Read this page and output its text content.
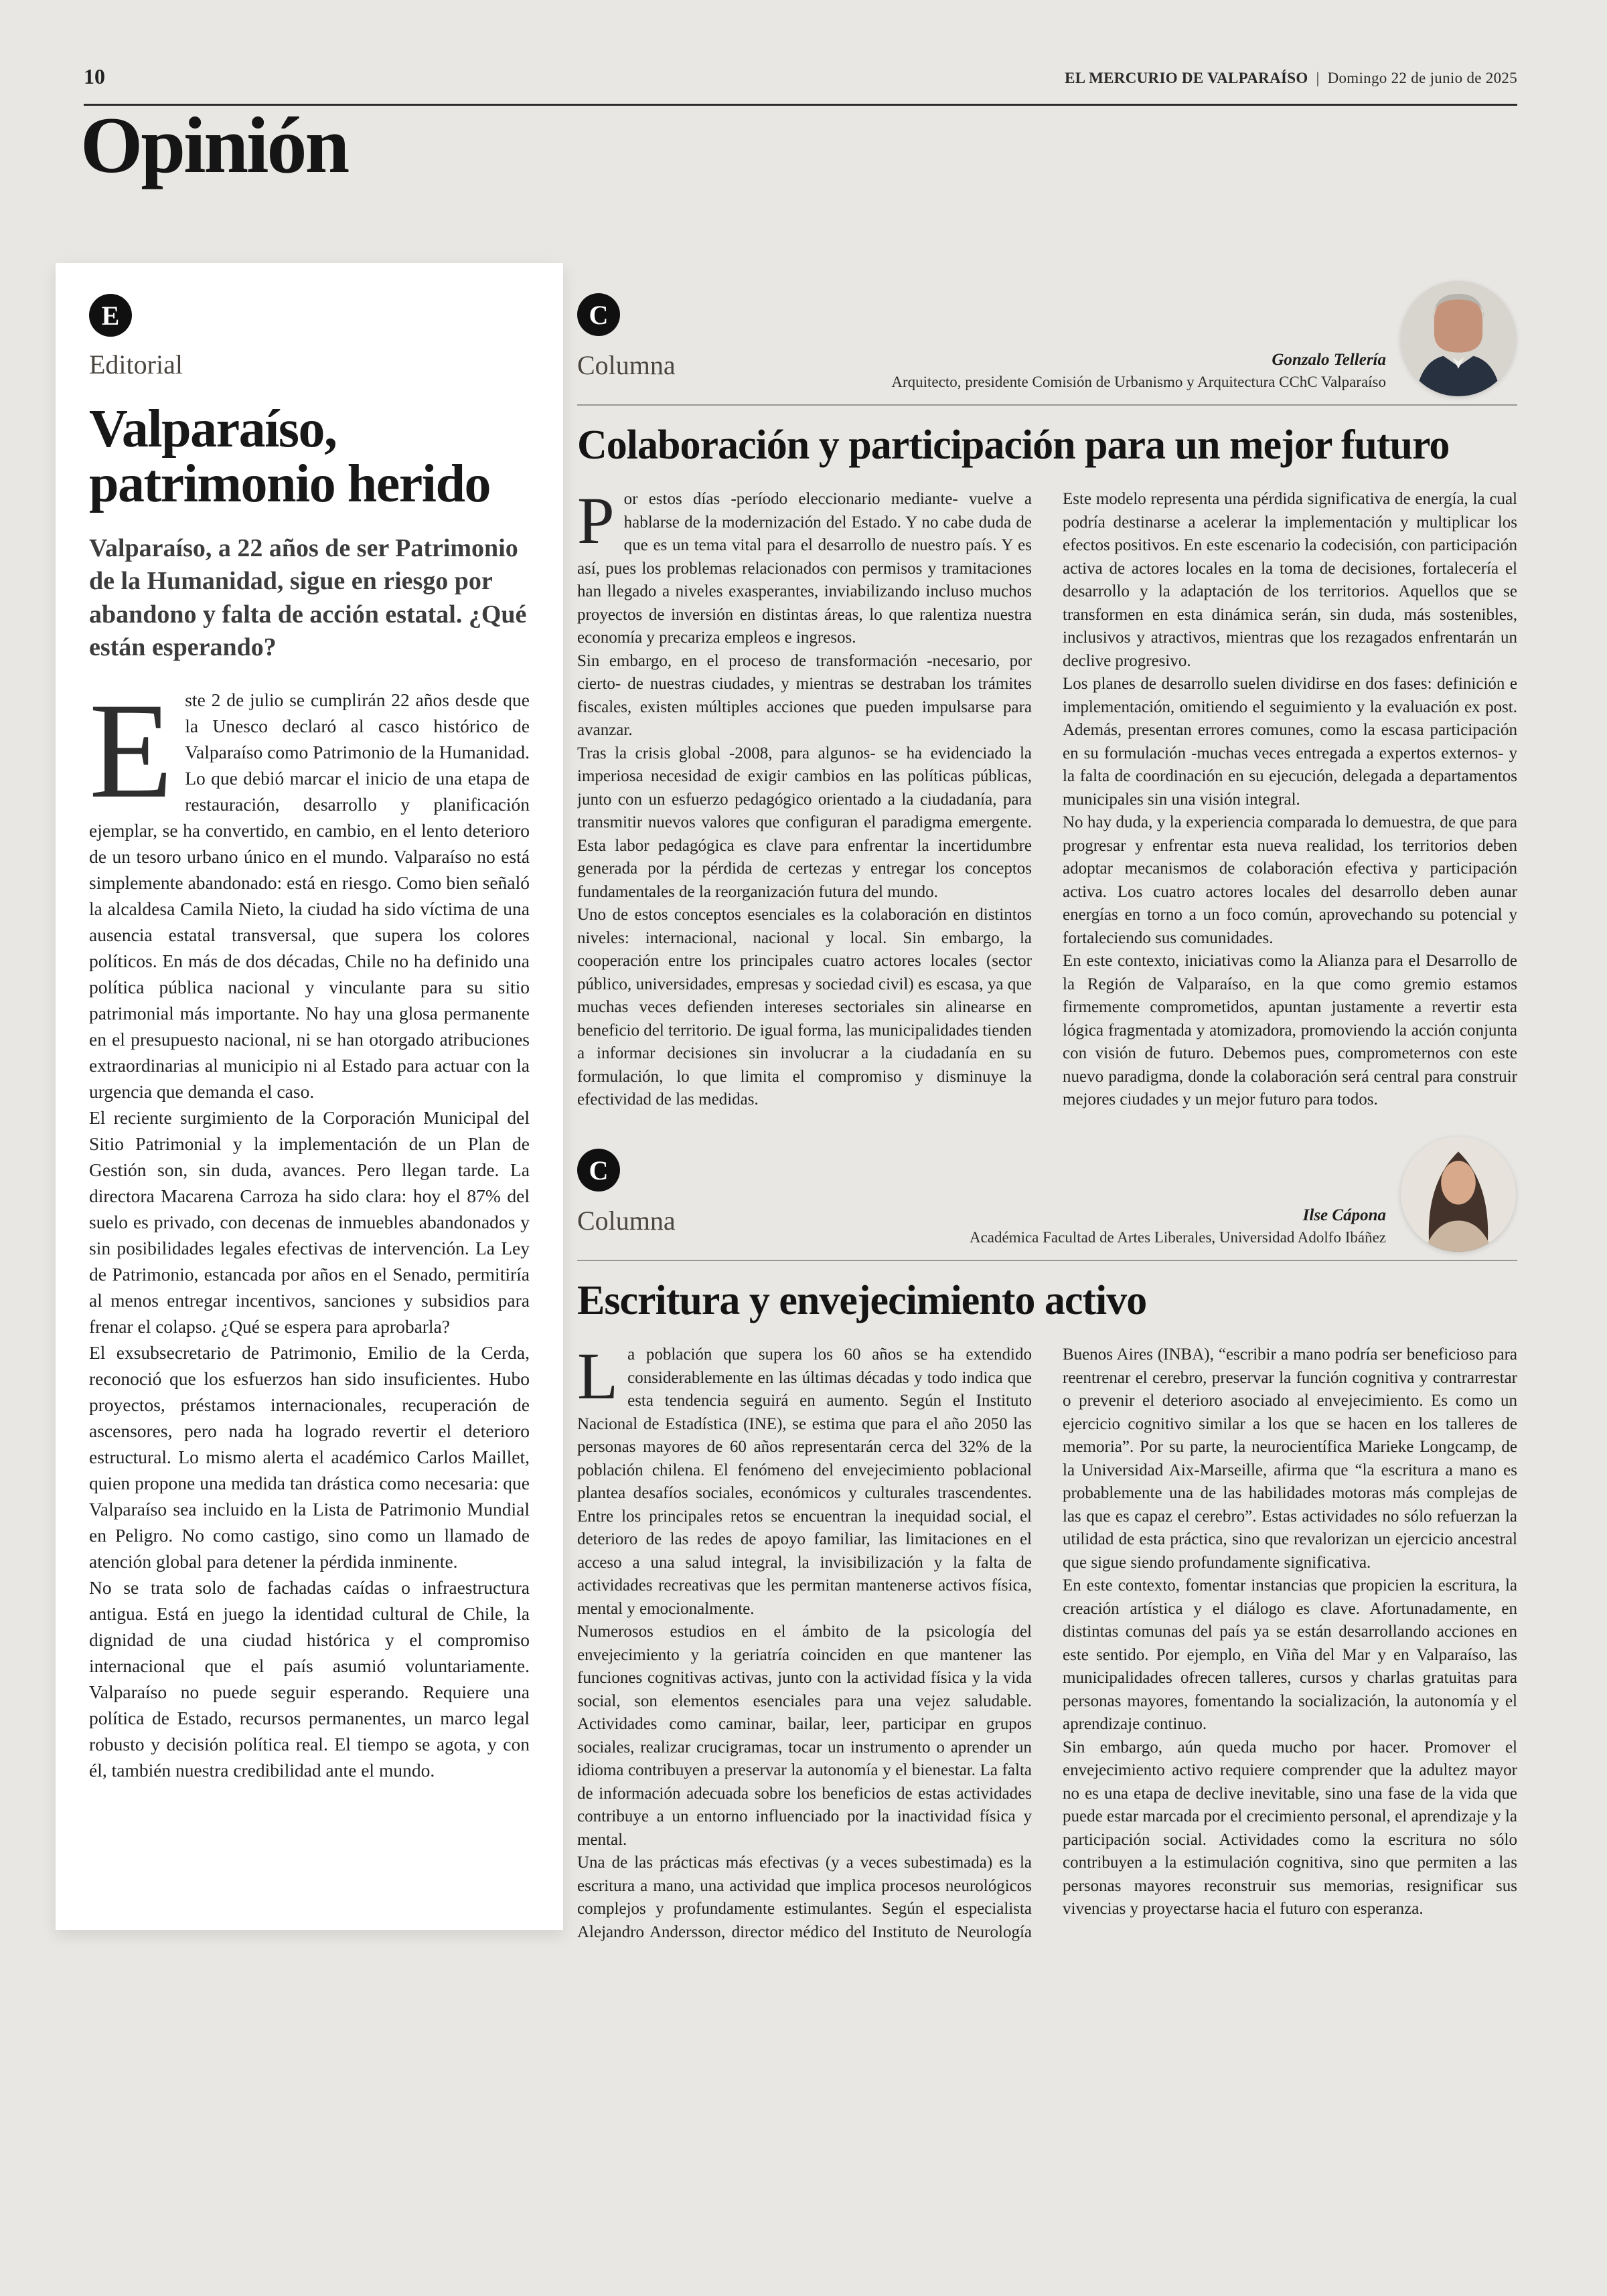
10	EL MERCURIO DE VALPARAÍSO | Domingo 22 de junio de 2025
Opinión
E
Editorial
Valparaíso, patrimonio herido

Valparaíso, a 22 años de ser Patrimonio de la Humanidad, sigue en riesgo por abandono y falta de acción estatal. ¿Qué están esperando?

Este 2 de julio se cumplirán 22 años desde que la Unesco declaró al casco histórico de Valparaíso como Patrimonio de la Humanidad. Lo que debió marcar el inicio de una etapa de restauración, desarrollo y planificación ejemplar, se ha convertido, en cambio, en el lento deterioro de un tesoro urbano único en el mundo. Valparaíso no está simplemente abandonado: está en riesgo. Como bien señaló la alcaldesa Camila Nieto, la ciudad ha sido víctima de una ausencia estatal transversal, que supera los colores políticos. En más de dos décadas, Chile no ha definido una política pública nacional y vinculante para su sitio patrimonial más importante. No hay una glosa permanente en el presupuesto nacional, ni se han otorgado atribuciones extraordinarias al municipio ni al Estado para actuar con la urgencia que demanda el caso.

El reciente surgimiento de la Corporación Municipal del Sitio Patrimonial y la implementación de un Plan de Gestión son, sin duda, avances. Pero llegan tarde. La directora Macarena Carroza ha sido clara: hoy el 87% del suelo es privado, con decenas de inmuebles abandonados y sin posibilidades legales efectivas de intervención. La Ley de Patrimonio, estancada por años en el Senado, permitiría al menos entregar incentivos, sanciones y subsidios para frenar el colapso. ¿Qué se espera para aprobarla?

El exsubsecretario de Patrimonio, Emilio de la Cerda, reconoció que los esfuerzos han sido insuficientes. Hubo proyectos, préstamos internacionales, recuperación de ascensores, pero nada ha logrado revertir el deterioro estructural. Lo mismo alerta el académico Carlos Maillet, quien propone una medida tan drástica como necesaria: que Valparaíso sea incluido en la Lista de Patrimonio Mundial en Peligro. No como castigo, sino como un llamado de atención global para detener la pérdida inminente.

No se trata solo de fachadas caídas o infraestructura antigua. Está en juego la identidad cultural de Chile, la dignidad de una ciudad histórica y el compromiso internacional que el país asumió voluntariamente. Valparaíso no puede seguir esperando. Requiere una política de Estado, recursos permanentes, un marco legal robusto y decisión política real. El tiempo se agota, y con él, también nuestra credibilidad ante el mundo.

C
Columna	Gonzalo Tellería
Arquitecto, presidente Comisión de Urbanismo y Arquitectura CChC Valparaíso
Colaboración y participación para un mejor futuro

Por estos días -período eleccionario mediante- vuelve a hablarse de la modernización del Estado. Y no cabe duda de que es un tema vital para el desarrollo de nuestro país. Y es así, pues los problemas relacionados con permisos y tramitaciones han llegado a niveles exasperantes, inviabilizando incluso muchos proyectos de inversión en distintas áreas, lo que ralentiza nuestra economía y precariza empleos e ingresos.

Sin embargo, en el proceso de transformación -necesario, por cierto- de nuestras ciudades, y mientras se destraban los trámites fiscales, existen múltiples acciones que pueden impulsarse para avanzar.

Tras la crisis global -2008, para algunos- se ha evidenciado la imperiosa necesidad de exigir cambios en las políticas públicas, junto con un esfuerzo pedagógico orientado a la ciudadanía, para transmitir nuevos valores que configuran el paradigma emergente. Esta labor pedagógica es clave para enfrentar la incertidumbre generada por la pérdida de certezas y entregar los conceptos fundamentales de la reorganización futura del mundo.

Uno de estos conceptos esenciales es la colaboración en distintos niveles: internacional, nacional y local. Sin embargo, la cooperación entre los principales cuatro actores locales (sector público, universidades, empresas y sociedad civil) es escasa, ya que muchas veces defienden intereses sectoriales sin alinearse en beneficio del territorio. De igual forma, las municipalidades tienden a informar decisiones sin involucrar a la ciudadanía en su formulación, lo que limita el compromiso y disminuye la efectividad de las medidas.

Este modelo representa una pérdida significativa de energía, la cual podría destinarse a acelerar la implementación y multiplicar los efectos positivos. En este escenario la codecisión, con participación activa de actores locales en la toma de decisiones, fortalecería el desarrollo y la adaptación de los territorios. Aquellos que se transformen en esta dinámica serán, sin duda, más sostenibles, inclusivos y atractivos, mientras que los rezagados enfrentarán un declive progresivo.

Los planes de desarrollo suelen dividirse en dos fases: definición e implementación, omitiendo el seguimiento y la evaluación ex post. Además, presentan errores comunes, como la escasa participación en su formulación -muchas veces entregada a expertos externos- y la falta de coordinación en su ejecución, delegada a departamentos municipales sin una visión integral.

No hay duda, y la experiencia comparada lo demuestra, de que para progresar y enfrentar esta nueva realidad, los territorios deben adoptar mecanismos de colaboración efectiva y participación activa. Los cuatro actores locales del desarrollo deben aunar energías en torno a un foco común, aprovechando su potencial y fortaleciendo sus comunidades.

En este contexto, iniciativas como la Alianza para el Desarrollo de la Región de Valparaíso, en la que como gremio estamos firmemente comprometidos, apuntan justamente a revertir esta lógica fragmentada y atomizadora, promoviendo la acción conjunta con visión de futuro. Debemos pues, comprometernos con este nuevo paradigma, donde la colaboración será central para construir mejores ciudades y un mejor futuro para todos.

C
Columna	Ilse Cápona
Académica Facultad de Artes Liberales, Universidad Adolfo Ibáñez
Escritura y envejecimiento activo

La población que supera los 60 años se ha extendido considerablemente en las últimas décadas y todo indica que esta tendencia seguirá en aumento. Según el Instituto Nacional de Estadística (INE), se estima que para el año 2050 las personas mayores de 60 años representarán cerca del 32% de la población chilena. El fenómeno del envejecimiento poblacional plantea desafíos sociales, económicos y culturales trascendentes. Entre los principales retos se encuentran la inequidad social, el deterioro de las redes de apoyo familiar, las limitaciones en el acceso a una salud integral, la invisibilización y la falta de actividades recreativas que les permitan mantenerse activos física, mental y emocionalmente.

Numerosos estudios en el ámbito de la psicología del envejecimiento y la geriatría coinciden en que mantener las funciones cognitivas activas, junto con la actividad física y la vida social, son elementos esenciales para una vejez saludable. Actividades como caminar, bailar, leer, participar en grupos sociales, realizar crucigramas, tocar un instrumento o aprender un idioma contribuyen a preservar la autonomía y el bienestar. La falta de información adecuada sobre los beneficios de estas actividades contribuye a un entorno influenciado por la inactividad física y mental.

Una de las prácticas más efectivas (y a veces subestimada) es la escritura a mano, una actividad que implica procesos neurológicos complejos y profundamente estimulantes. Según el especialista Alejandro Andersson, director médico del Instituto de Neurología Buenos Aires (INBA), “escribir a mano podría ser beneficioso para reentrenar el cerebro, preservar la función cognitiva y contrarrestar o prevenir el deterioro asociado al envejecimiento. Es como un ejercicio cognitivo similar a los que se hacen en los talleres de memoria”. Por su parte, la neurocientífica Marieke Longcamp, de la Universidad Aix-Marseille, afirma que “la escritura a mano es probablemente una de las habilidades motoras más complejas de las que es capaz el cerebro”. Estas actividades no sólo refuerzan la utilidad de esta práctica, sino que revalorizan un ejercicio ancestral que sigue siendo profundamente significativa.

En este contexto, fomentar instancias que propicien la escritura, la creación artística y el diálogo es clave. Afortunadamente, en distintas comunas del país ya se están desarrollando acciones en este sentido. Por ejemplo, en Viña del Mar y en Valparaíso, las municipalidades ofrecen talleres, cursos y charlas gratuitas para personas mayores, fomentando la socialización, la autonomía y el aprendizaje continuo.

Sin embargo, aún queda mucho por hacer. Promover el envejecimiento activo requiere comprender que la adultez mayor no es una etapa de declive inevitable, sino una fase de la vida que puede estar marcada por el crecimiento personal, el aprendizaje y la participación social. Actividades como la escritura no sólo contribuyen a la estimulación cognitiva, sino que permiten a las personas mayores reconstruir sus memorias, resignificar sus vivencias y proyectarse hacia el futuro con esperanza.
